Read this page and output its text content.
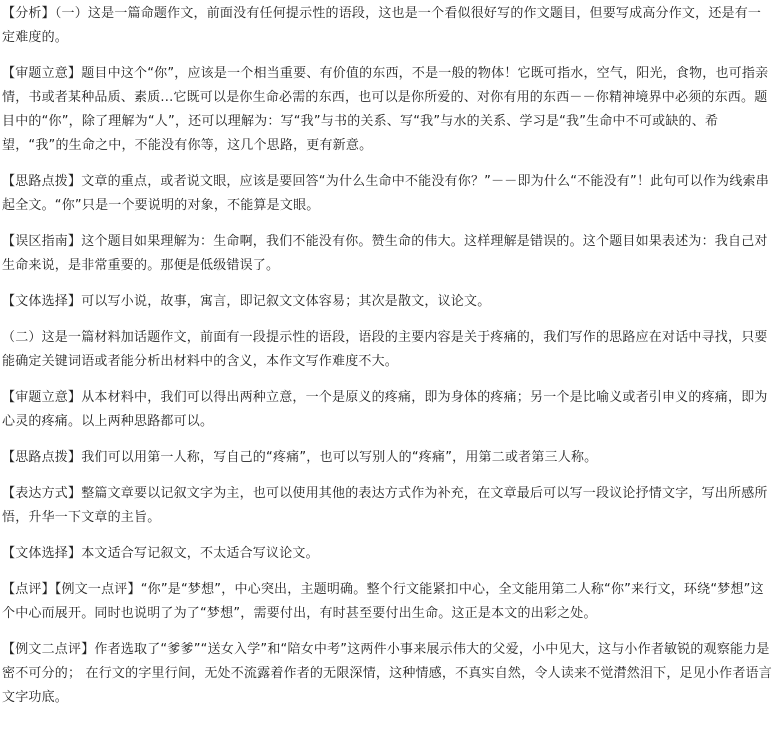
【分析】（一）这是一篇命题作文，前面没有任何提示性的语段，这也是一个看似很好写的作文题目，但要写成高分作文，还是有一定难度的。

【审题立意】题目中这个“你”，应该是一个相当重要、有价值的东西，不是一般的物体！它既可指水，空气，阳光，食物，也可指亲情，书或者某种品质、素质...它既可以是你生命必需的东西，也可以是你所爱的、对你有用的东西－－你精神境界中必须的东西。题目中的“你”，除了理解为“人”，还可以理解为：写“我”与书的关系、写“我”与水的关系、学习是“我”生命中不可或缺的、希望，“我”的生命之中，不能没有你等，这几个思路，更有新意。

【思路点拨】文章的重点，或者说文眼，应该是要回答“为什么生命中不能没有你？”－－即为什么“不能没有”！此句可以作为线索串起全文。“你”只是一个要说明的对象，不能算是文眼。

【误区指南】这个题目如果理解为：生命啊，我们不能没有你。赞生命的伟大。这样理解是错误的。这个题目如果表述为：我自己对生命来说，是非常重要的。那便是低级错误了。

【文体选择】可以写小说，故事，寓言，即记叙文文体容易；其次是散文，议论文。

（二）这是一篇材料加话题作文，前面有一段提示性的语段，语段的主要内容是关于疼痛的，我们写作的思路应在对话中寻找，只要能确定关键词语或者能分析出材料中的含义，本作文写作难度不大。

【审题立意】从本材料中，我们可以得出两种立意，一个是原义的疼痛，即为身体的疼痛；另一个是比喻义或者引申义的疼痛，即为心灵的疼痛。以上两种思路都可以。

【思路点拨】我们可以用第一人称，写自己的“疼痛”，也可以写别人的“疼痛”，用第二或者第三人称。

【表达方式】整篇文章要以记叙文字为主，也可以使用其他的表达方式作为补充，在文章最后可以写一段议论抒情文字，写出所感所悟，升华一下文章的主旨。

【文体选择】本文适合写记叙文，不太适合写议论文。

【点评】【例文一点评】“你”是“梦想”，中心突出，主题明确。整个行文能紧扣中心，全文能用第二人称“你”来行文，环绕“梦想”这个中心而展开。同时也说明了为了“梦想”，需要付出，有时甚至要付出生命。这正是本文的出彩之处。

【例文二点评】作者选取了“爹爹”“送女入学”和“陪女中考”这两件小事来展示伟大的父爱，小中见大，这与小作者敏锐的观察能力是密不可分的； 在行文的字里行间，无处不流露着作者的无限深情，这种情感，不真实自然，令人读来不觉潸然泪下，足见小作者语言文字功底。
